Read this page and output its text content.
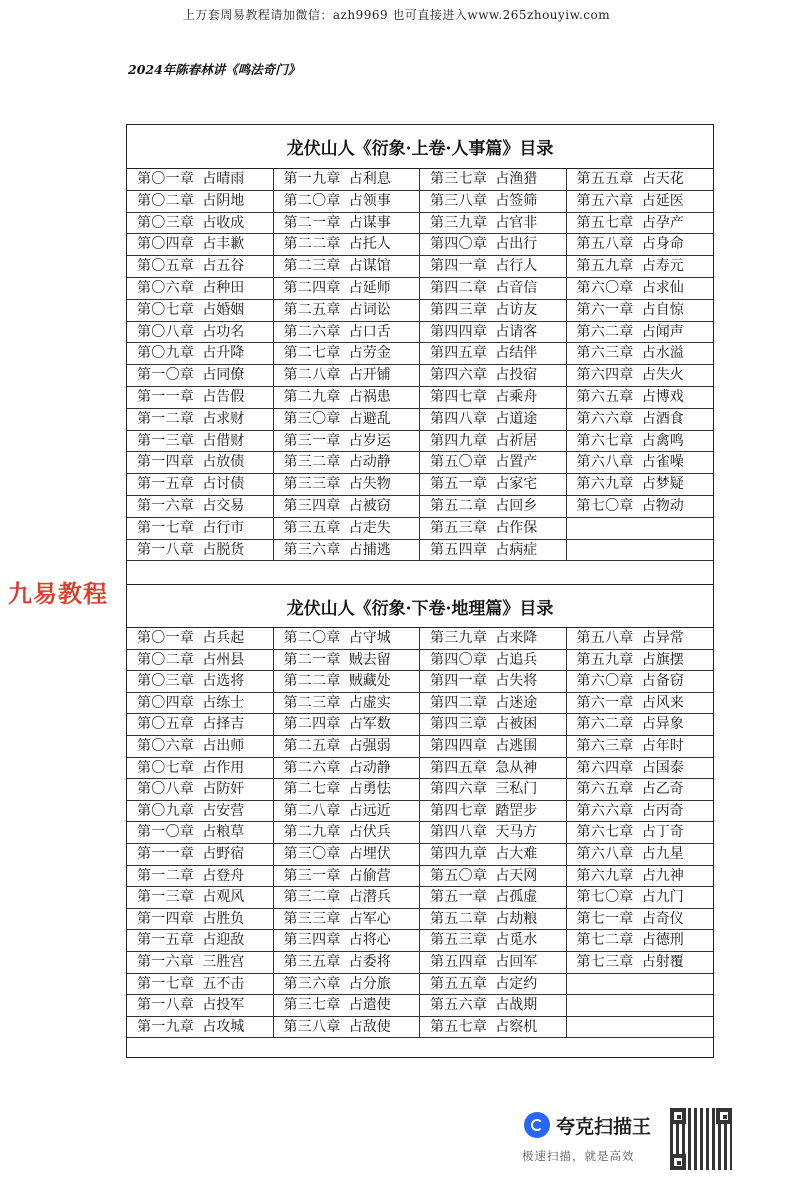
上万套周易教程请加微信：azh9969 也可直接进入www.265zhouyiw.com
2024年陈春林讲《鸣法奇门》
龙伏山人《衍象·上卷·人事篇》目录
第〇一章 占晴雨
第〇二章 占阴地
第〇三章 占收成
第〇四章 占丰歉
第〇五章 占五谷
第〇六章 占种田
第〇七章 占婚姻
第〇八章 占功名
第〇九章 占升降
第一〇章 占同僚
第一一章 占告假
第一二章 占求财
第一三章 占借财
第一四章 占放债
第一五章 占讨债
第一六章 占交易
第一七章 占行市
第一八章 占脱货
第一九章 占利息
第二〇章 占领事
第二一章 占谋事
第二二章 占托人
第二三章 占谋馆
第二四章 占延师
第二五章 占词讼
第二六章 占口舌
第二七章 占劳金
第二八章 占开铺
第二九章 占祸患
第三〇章 占避乱
第三一章 占岁运
第三二章 占动静
第三三章 占失物
第三四章 占被窃
第三五章 占走失
第三六章 占捕逃
第三七章 占渔猎
第三八章 占签筛
第三九章 占官非
第四〇章 占出行
第四一章 占行人
第四二章 占音信
第四三章 占访友
第四四章 占请客
第四五章 占结伴
第四六章 占投宿
第四七章 占乘舟
第四八章 占道途
第四九章 占祈居
第五〇章 占置产
第五一章 占家宅
第五二章 占回乡
第五三章 占作保
第五四章 占病症
第五五章 占天花
第五六章 占延医
第五七章 占孕产
第五八章 占身命
第五九章 占寿元
第六〇章 占求仙
第六一章 占自惊
第六二章 占闻声
第六三章 占水溢
第六四章 占失火
第六五章 占博戏
第六六章 占酒食
第六七章 占禽鸣
第六八章 占雀噪
第六九章 占梦疑
第七〇章 占物动
龙伏山人《衍象·下卷·地理篇》目录
第〇一章 占兵起
第〇二章 占州县
第〇三章 占选将
第〇四章 占练士
第〇五章 占择吉
第〇六章 占出师
第〇七章 占作用
第〇八章 占防奸
第〇九章 占安营
第一〇章 占粮草
第一一章 占野宿
第一二章 占登舟
第一三章 占观风
第一四章 占胜负
第一五章 占迎敌
第一六章 三胜宫
第一七章 五不击
第一八章 占投军
第一九章 占攻城
第二〇章 占守城
第二一章 贼去留
第二二章 贼藏处
第二三章 占虚实
第二四章 占军数
第二五章 占强弱
第二六章 占动静
第二七章 占勇怯
第二八章 占远近
第二九章 占伏兵
第三〇章 占埋伏
第三一章 占偷营
第三二章 占潜兵
第三三章 占军心
第三四章 占将心
第三五章 占委将
第三六章 占分旅
第三七章 占遣使
第三八章 占敌使
第三九章 占来降
第四〇章 占追兵
第四一章 占失将
第四二章 占迷途
第四三章 占被困
第四四章 占逃围
第四五章 急从神
第四六章 三私门
第四七章 踏罡步
第四八章 天马方
第四九章 占大难
第五〇章 占天网
第五一章 占孤虚
第五二章 占劫粮
第五三章 占觅水
第五四章 占回军
第五五章 占定约
第五六章 占战期
第五七章 占察机
第五八章 占异常
第五九章 占旗摆
第六〇章 占备窃
第六一章 占风来
第六二章 占异象
第六三章 占年时
第六四章 占国泰
第六五章 占乙奇
第六六章 占丙奇
第六七章 占丁奇
第六八章 占九星
第六九章 占九神
第七〇章 占九门
第七一章 占奇仪
第七二章 占德刑
第七三章 占射覆
九易教程
夸克扫描王
极速扫描，就是高效
